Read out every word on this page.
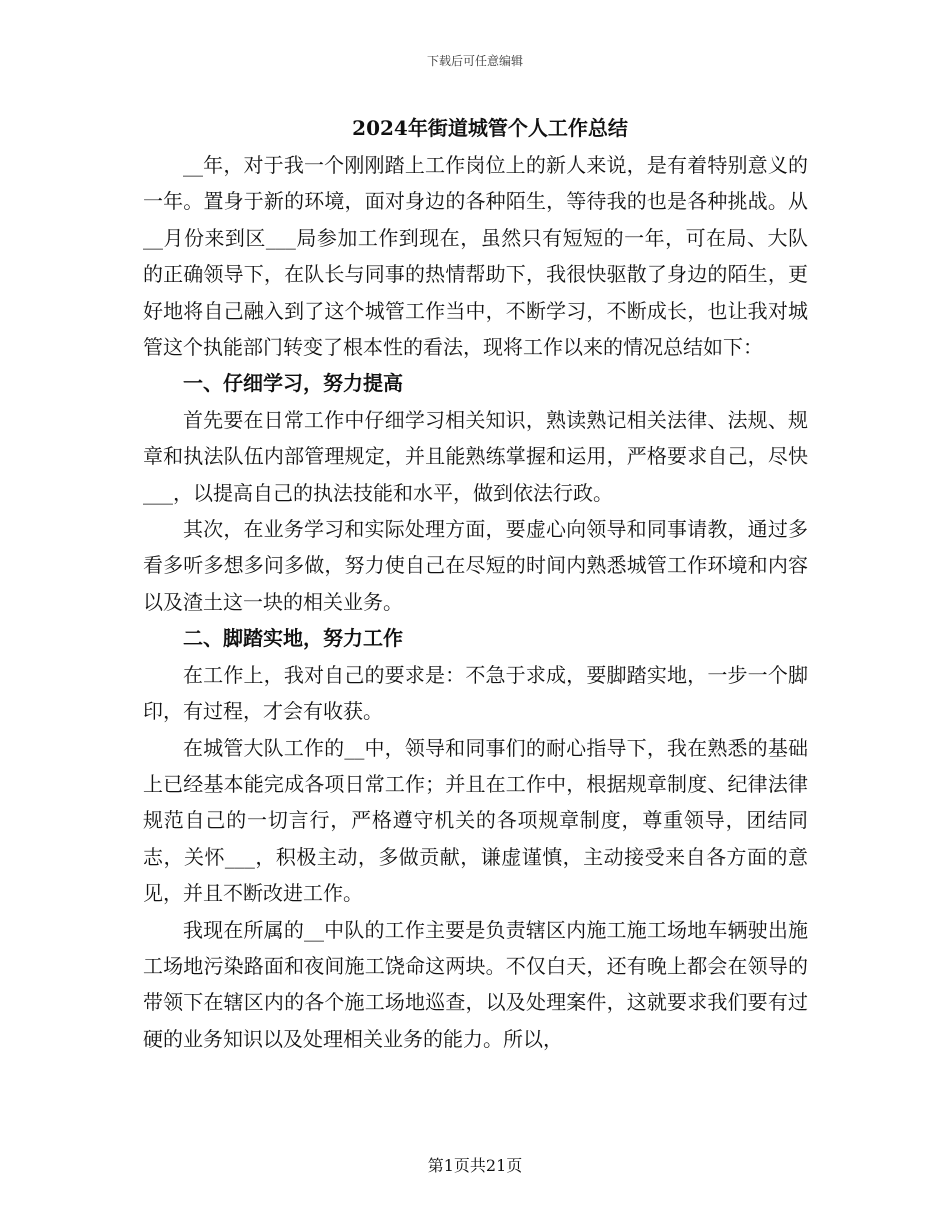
下载后可任意编辑
2024年街道城管个人工作总结

__年，对于我一个刚刚踏上工作岗位上的新人来说，是有着特别意义的一年。置身于新的环境，面对身边的各种陌生，等待我的也是各种挑战。从__月份来到区___局参加工作到现在，虽然只有短短的一年，可在局、大队的正确领导下，在队长与同事的热情帮助下，我很快驱散了身边的陌生，更好地将自己融入到了这个城管工作当中，不断学习，不断成长，也让我对城管这个执能部门转变了根本性的看法，现将工作以来的情况总结如下：

一、仔细学习，努力提高

首先要在日常工作中仔细学习相关知识，熟读熟记相关法律、法规、规章和执法队伍内部管理规定，并且能熟练掌握和运用，严格要求自己，尽快___，以提高自己的执法技能和水平，做到依法行政。

其次，在业务学习和实际处理方面，要虚心向领导和同事请教，通过多看多听多想多问多做，努力使自己在尽短的时间内熟悉城管工作环境和内容以及渣土这一块的相关业务。

二、脚踏实地，努力工作

在工作上，我对自己的要求是：不急于求成，要脚踏实地，一步一个脚印，有过程，才会有收获。

在城管大队工作的__中，领导和同事们的耐心指导下，我在熟悉的基础上已经基本能完成各项日常工作；并且在工作中，根据规章制度、纪律法律规范自己的一切言行，严格遵守机关的各项规章制度，尊重领导，团结同志，关怀___，积极主动，多做贡献，谦虚谨慎，主动接受来自各方面的意见，并且不断改进工作。

我现在所属的__中队的工作主要是负责辖区内施工施工场地车辆驶出施工场地污染路面和夜间施工饶命这两块。不仅白天，还有晚上都会在领导的带领下在辖区内的各个施工场地巡查，以及处理案件，这就要求我们要有过硬的业务知识以及处理相关业务的能力。所以，

第1页共21页
